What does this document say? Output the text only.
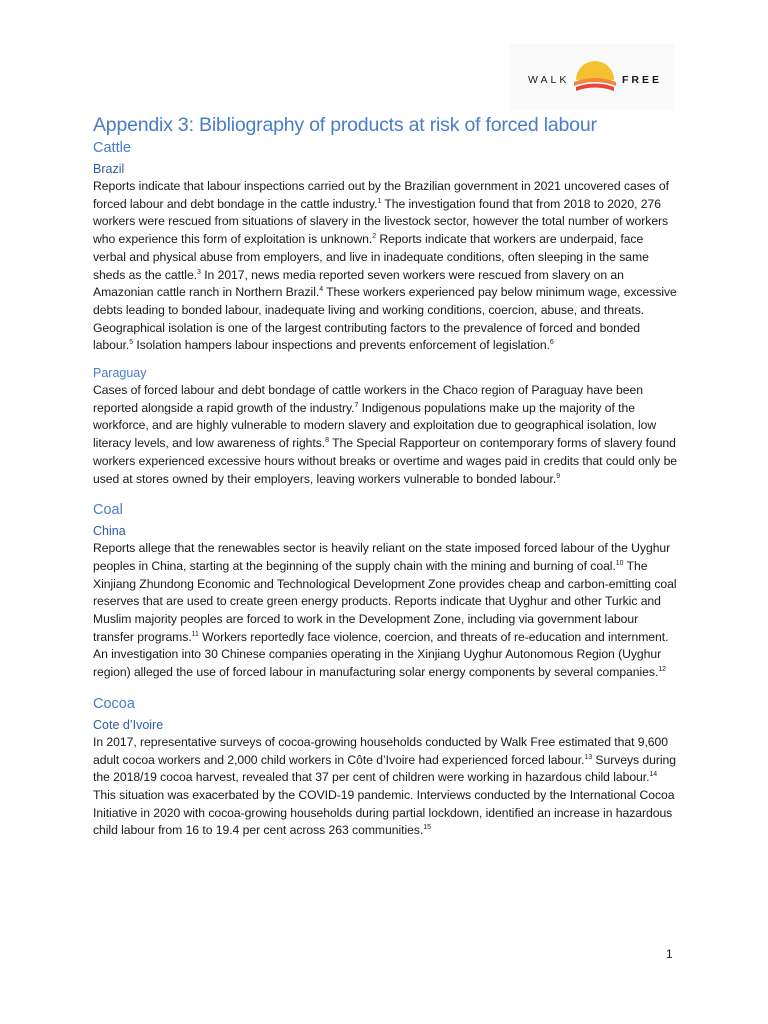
WALK	FREE
Appendix 3: Bibliography of products at risk of forced labour
Cattle
Brazil

Reports indicate that labour inspections carried out by the Brazilian government in 2021 uncovered cases of forced labour and debt bondage in the cattle industry.$^1$ The investigation found that from 2018 to 2020, 276 workers were rescued from situations of slavery in the livestock sector, however the total number of workers who experience this form of exploitation is unknown.$^2$ Reports indicate that workers are underpaid, face verbal and physical abuse from employers, and live in inadequate conditions, often sleeping in the same sheds as the cattle.$^3$ In 2017, news media reported seven workers were rescued from slavery on an Amazonian cattle ranch in Northern Brazil.$^4$ These workers experienced pay below minimum wage, excessive debts leading to bonded labour, inadequate living and working conditions, coercion, abuse, and threats. Geographical isolation is one of the largest contributing factors to the prevalence of forced and bonded labour.$^5$ Isolation hampers labour inspections and prevents enforcement of legislation.$^6$

Paraguay

Cases of forced labour and debt bondage of cattle workers in the Chaco region of Paraguay have been reported alongside a rapid growth of the industry.$^7$ Indigenous populations make up the majority of the workforce, and are highly vulnerable to modern slavery and exploitation due to geographical isolation, low literacy levels, and low awareness of rights.$^8$ The Special Rapporteur on contemporary forms of slavery found workers experienced excessive hours without breaks or overtime and wages paid in credits that could only be used at stores owned by their employers, leaving workers vulnerable to bonded labour.$^9$

Coal
China

Reports allege that the renewables sector is heavily reliant on the state imposed forced labour of the Uyghur peoples in China, starting at the beginning of the supply chain with the mining and burning of coal.$^{10}$ The Xinjiang Zhundong Economic and Technological Development Zone provides cheap and carbon-emitting coal reserves that are used to create green energy products. Reports indicate that Uyghur and other Turkic and Muslim majority peoples are forced to work in the Development Zone, including via government labour transfer programs.$^{11}$ Workers reportedly face violence, coercion, and threats of re-education and internment. An investigation into 30 Chinese companies operating in the Xinjiang Uyghur Autonomous Region (Uyghur region) alleged the use of forced labour in manufacturing solar energy components by several companies.$^{12}$

Cocoa
Cote d’Ivoire

In 2017, representative surveys of cocoa-growing households conducted by Walk Free estimated that 9,600 adult cocoa workers and 2,000 child workers in Côte d’Ivoire had experienced forced labour.$^{13}$ Surveys during the 2018/19 cocoa harvest, revealed that 37 per cent of children were working in hazardous child labour.$^{14}$ This situation was exacerbated by the COVID-19 pandemic. Interviews conducted by the International Cocoa Initiative in 2020 with cocoa-growing households during partial lockdown, identified an increase in hazardous child labour from 16 to 19.4 per cent across 263 communities.$^{15}$

1
